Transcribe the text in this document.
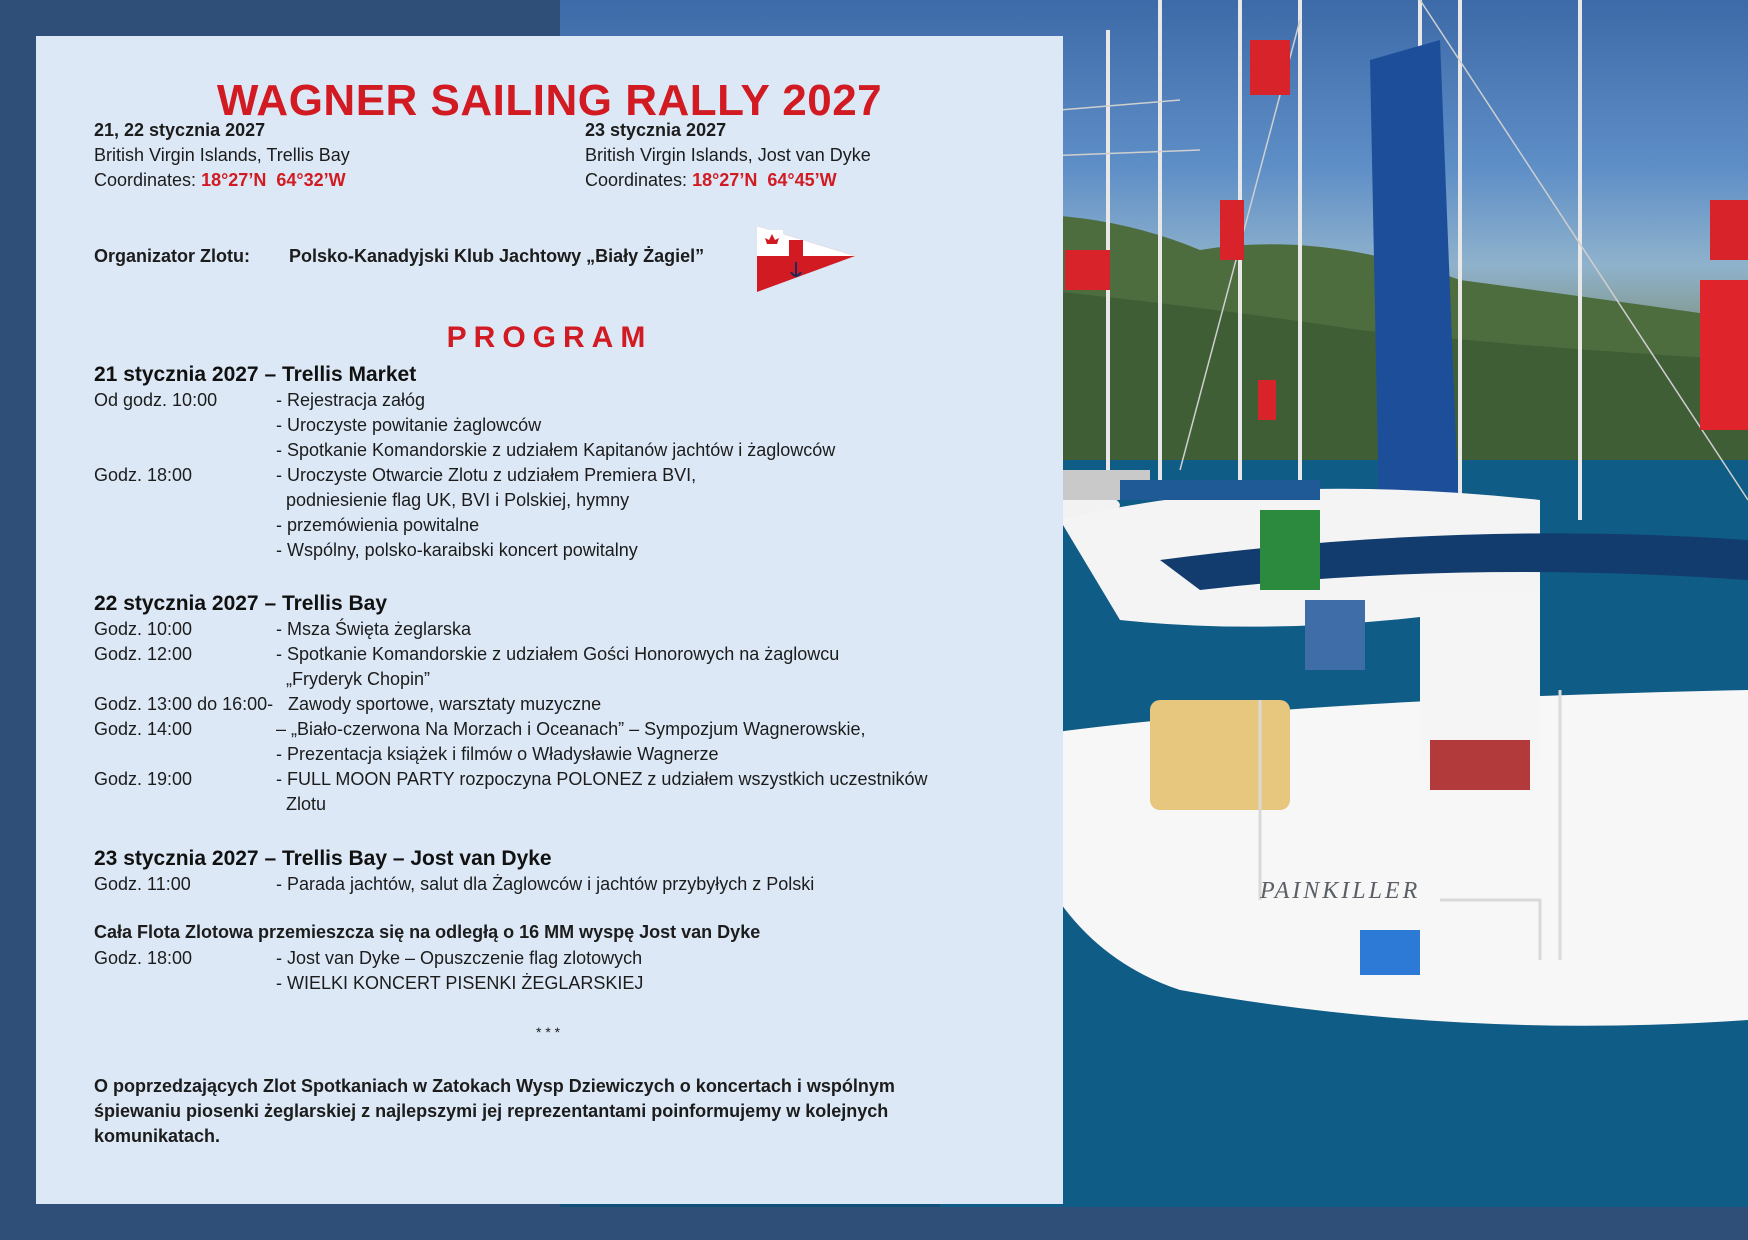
PAINKILLER
WAGNER SAILING RALLY 2027
21, 22 stycznia 2027
British Virgin Islands, Trellis Bay
Coordinates: 18°27’N 64°32’W
23 stycznia 2027
British Virgin Islands, Jost van Dyke
Coordinates: 18°27’N 64°45’W
Organizator Zlotu: Polsko-Kanadyjski Klub Jachtowy „Biały Żagiel”
PROGRAM
21 stycznia 2027 – Trellis Market
Od godz. 10:00	- Rejestracja załóg
- Uroczyste powitanie żaglowców
- Spotkanie Komandorskie z udziałem Kapitanów jachtów i żaglowców
Godz. 18:00	- Uroczyste Otwarcie Zlotu z udziałem Premiera BVI,
podniesienie flag UK, BVI i Polskiej, hymny
- przemówienia powitalne
- Wspólny, polsko-karaibski koncert powitalny
22 stycznia 2027 – Trellis Bay
Godz. 10:00	- Msza Święta żeglarska
Godz. 12:00	- Spotkanie Komandorskie z udziałem Gości Honorowych na żaglowcu
„Fryderyk Chopin”
Godz. 13:00 do 16:00- Zawody sportowe, warsztaty muzyczne
Godz. 14:00	– „Biało-czerwona Na Morzach i Oceanach” – Sympozjum Wagnerowskie,
- Prezentacja książek i filmów o Władysławie Wagnerze
Godz. 19:00	- FULL MOON PARTY rozpoczyna POLONEZ z udziałem wszystkich uczestników
Zlotu
23 stycznia 2027 – Trellis Bay – Jost van Dyke
Godz. 11:00	- Parada jachtów, salut dla Żaglowców i jachtów przybyłych z Polski
Cała Flota Zlotowa przemieszcza się na odległą o 16 MM wyspę Jost van Dyke
Godz. 18:00	- Jost van Dyke – Opuszczenie flag zlotowych
- WIELKI KONCERT PISENKI ŻEGLARSKIEJ
* * *
O poprzedzających Zlot Spotkaniach w Zatokach Wysp Dziewiczych o koncertach i wspólnym
śpiewaniu piosenki żeglarskiej z najlepszymi jej reprezentantami poinformujemy w kolejnych
komunikatach.
